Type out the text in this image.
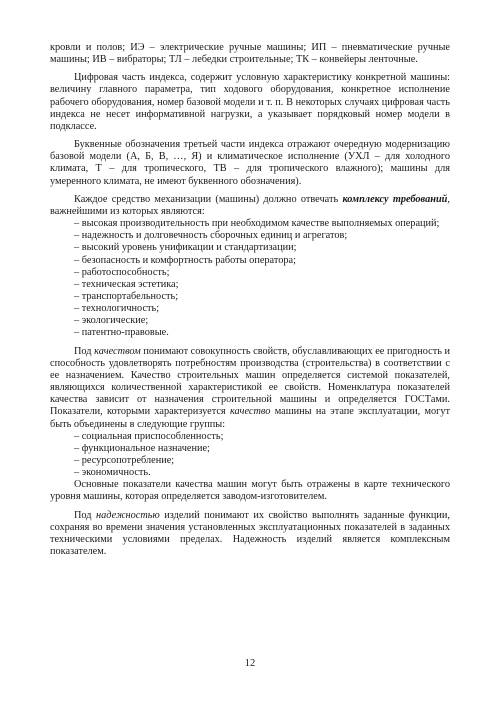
кровли и полов; ИЭ – электрические ручные машины; ИП – пневматические ручные машины; ИВ – вибраторы; ТЛ – лебедки строительные; ТК – конвейеры ленточные.

Цифровая часть индекса, содержит условную характеристику конкретной машины: величину главного параметра, тип ходового оборудования, конкретное исполнение рабочего оборудования, номер базовой модели и т. п. В некоторых случаях цифровая часть индекса не несет информативной нагрузки, а указывает порядковый номер модели в подклассе.

Буквенные обозначения третьей части индекса отражают очередную модернизацию базовой модели (А, Б, В, …, Я) и климатическое исполнение (УХЛ – для холодного климата, Т – для тропического, ТВ – для тропического влажного); машины для умеренного климата, не имеют буквенного обозначения).

Каждое средство механизации (машины) должно отвечать комплексу требований, важнейшими из которых являются:

– высокая производительность при необходимом качестве выполняемых операций;
– надежность и долговечность сборочных единиц и агрегатов;
– высокий уровень унификации и стандартизации;
– безопасность и комфортность работы оператора;
– работоспособность;
– техническая эстетика;
– транспортабельность;
– технологичность;
– экологические;
– патентно-правовые.

Под качеством понимают совокупность свойств, обуславливающих ее пригодность и способность удовлетворять потребностям производства (строительства) в соответствии с ее назначением. Качество строительных машин определяется системой показателей, являющихся количественной характеристикой ее свойств. Номенклатура показателей качества зависит от назначения строительной машины и определяется ГОСТами. Показатели, которыми характеризуется качество машины на этапе эксплуатации, могут быть объединены в следующие группы:

– социальная приспособленность;
– функциональное назначение;
– ресурсопотребление;
– экономичность.

Основные показатели качества машин могут быть отражены в карте технического уровня машины, которая определяется заводом-изготовителем.

Под надежностью изделий понимают их свойство выполнять заданные функции, сохраняя во времени значения установленных эксплуатационных показателей в заданных техническими условиями пределах. Надежность изделий является комплексным показателем.

12
